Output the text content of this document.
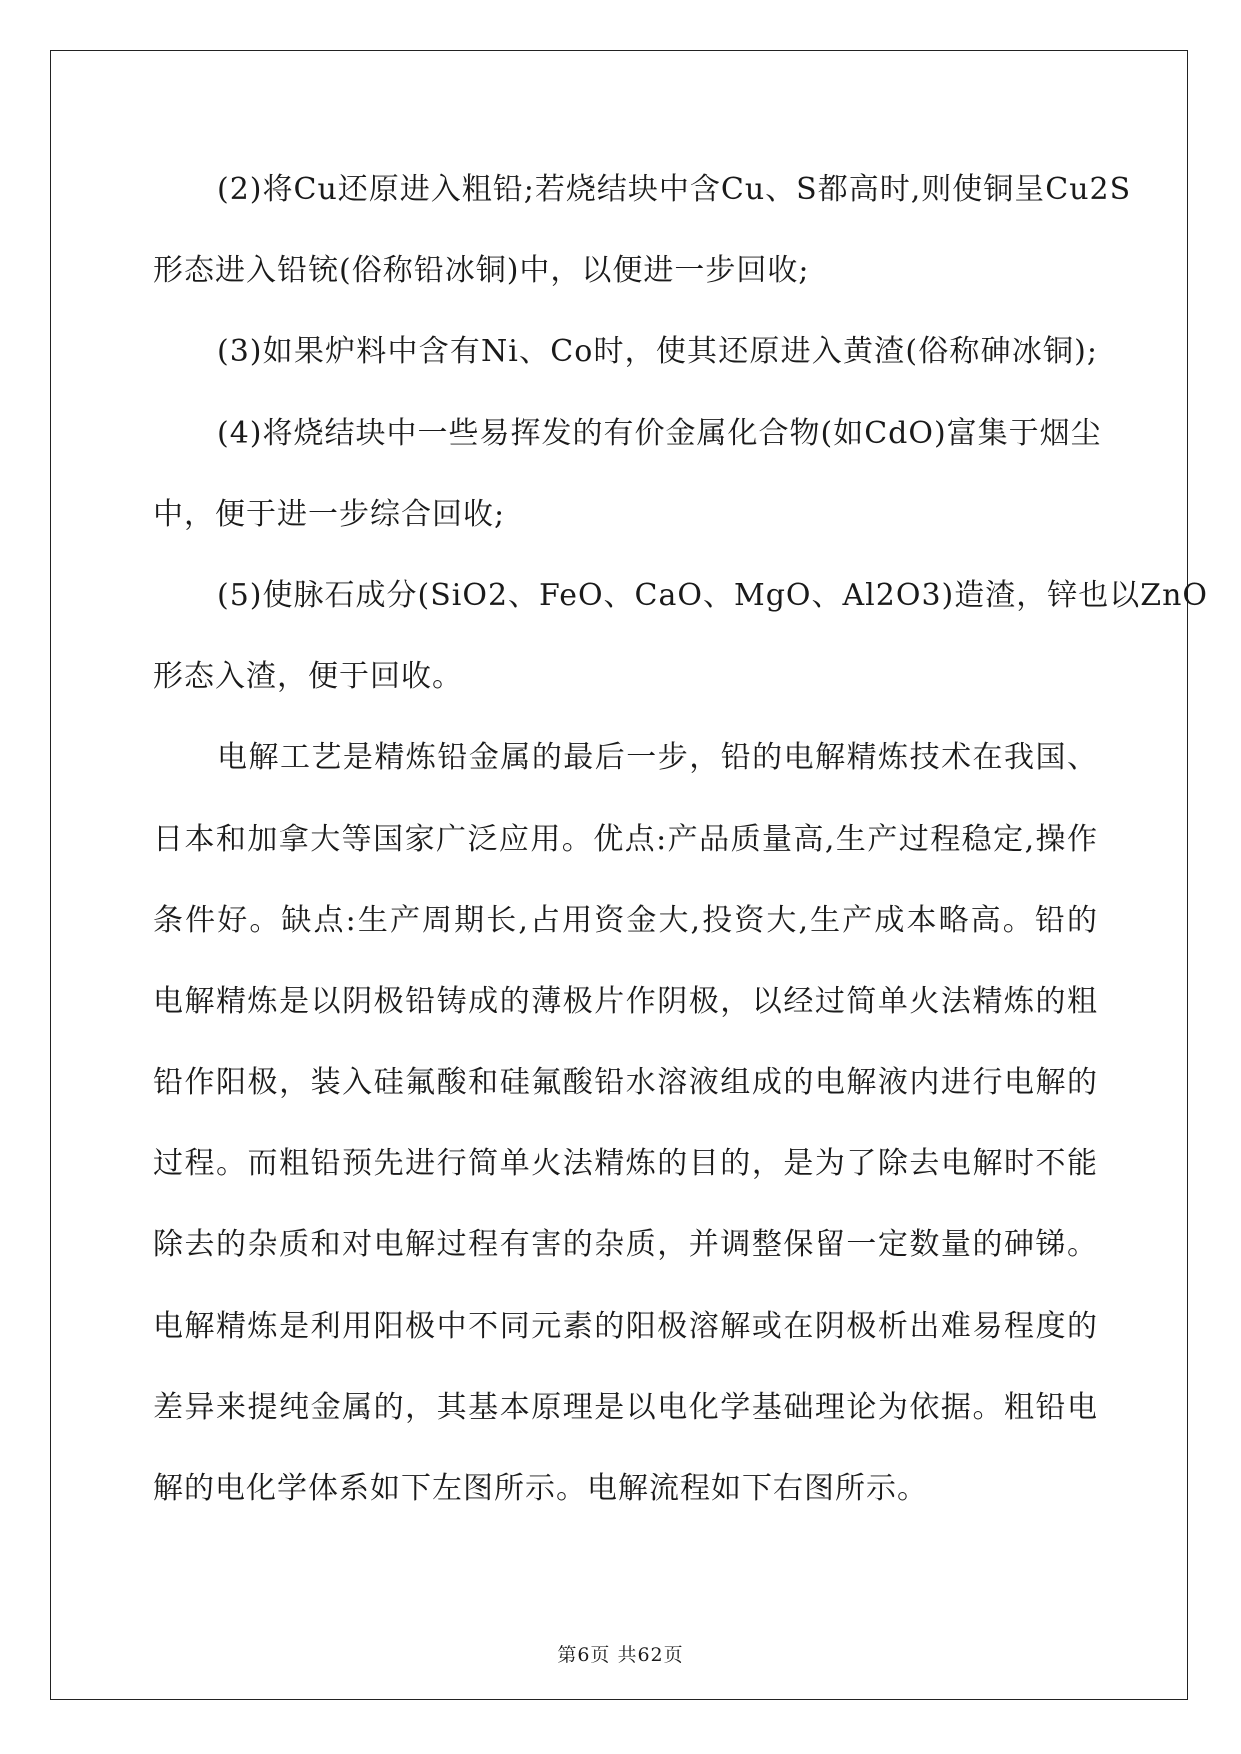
(2)将Cu还原进入粗铅;若烧结块中含Cu、S都高时,则使铜呈Cu2S
形态进入铅铳(俗称铅冰铜)中，以便进一步回收;
(3)如果炉料中含有Ni、Co时，使其还原进入黄渣(俗称砷冰铜);
(4)将烧结块中一些易挥发的有价金属化合物(如CdO)富集于烟尘
中，便于进一步综合回收;
(5)使脉石成分(SiO2、FeO、CaO、MgO、Al2O3)造渣，锌也以ZnO
形态入渣，便于回收。
电解工艺是精炼铅金属的最后一步，铅的电解精炼技术在我国、
日本和加拿大等国家广泛应用。优点:产品质量高,生产过程稳定,操作
条件好。缺点:生产周期长,占用资金大,投资大,生产成本略高。铅的
电解精炼是以阴极铅铸成的薄极片作阴极，以经过简单火法精炼的粗
铅作阳极，装入硅氟酸和硅氟酸铅水溶液组成的电解液内进行电解的
过程。而粗铅预先进行简单火法精炼的目的，是为了除去电解时不能
除去的杂质和对电解过程有害的杂质，并调整保留一定数量的砷锑。
电解精炼是利用阳极中不同元素的阳极溶解或在阴极析出难易程度的
差异来提纯金属的，其基本原理是以电化学基础理论为依据。粗铅电
解的电化学体系如下左图所示。电解流程如下右图所示。
第6页 共62页
